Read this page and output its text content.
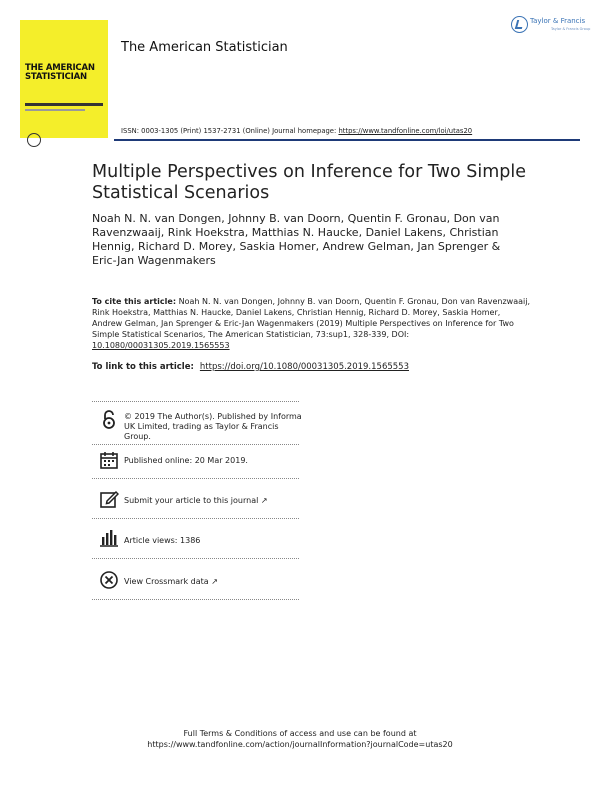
THE AMERICAN STATISTICIAN
The American Statistician
Taylor & Francis
Taylor & Francis Group
ISSN: 0003-1305 (Print) 1537-2731 (Online) Journal homepage: https://www.tandfonline.com/loi/utas20
Multiple Perspectives on Inference for Two Simple Statistical Scenarios
Noah N. N. van Dongen, Johnny B. van Doorn, Quentin F. Gronau, Don van Ravenzwaaij, Rink Hoekstra, Matthias N. Haucke, Daniel Lakens, Christian Hennig, Richard D. Morey, Saskia Homer, Andrew Gelman, Jan Sprenger & Eric-Jan Wagenmakers
To cite this article: Noah N. N. van Dongen, Johnny B. van Doorn, Quentin F. Gronau, Don van Ravenzwaaij, Rink Hoekstra, Matthias N. Haucke, Daniel Lakens, Christian Hennig, Richard D. Morey, Saskia Homer, Andrew Gelman, Jan Sprenger & Eric-Jan Wagenmakers (2019) Multiple Perspectives on Inference for Two Simple Statistical Scenarios, The American Statistician, 73:sup1, 328-339, DOI: 10.1080/00031305.2019.1565553
To link to this article: https://doi.org/10.1080/00031305.2019.1565553
© 2019 The Author(s). Published by Informa UK Limited, trading as Taylor & Francis Group.
Published online: 20 Mar 2019.
Submit your article to this journal ↗
Article views: 1386
View Crossmark data ↗
Full Terms & Conditions of access and use can be found at
https://www.tandfonline.com/action/journalInformation?journalCode=utas20
